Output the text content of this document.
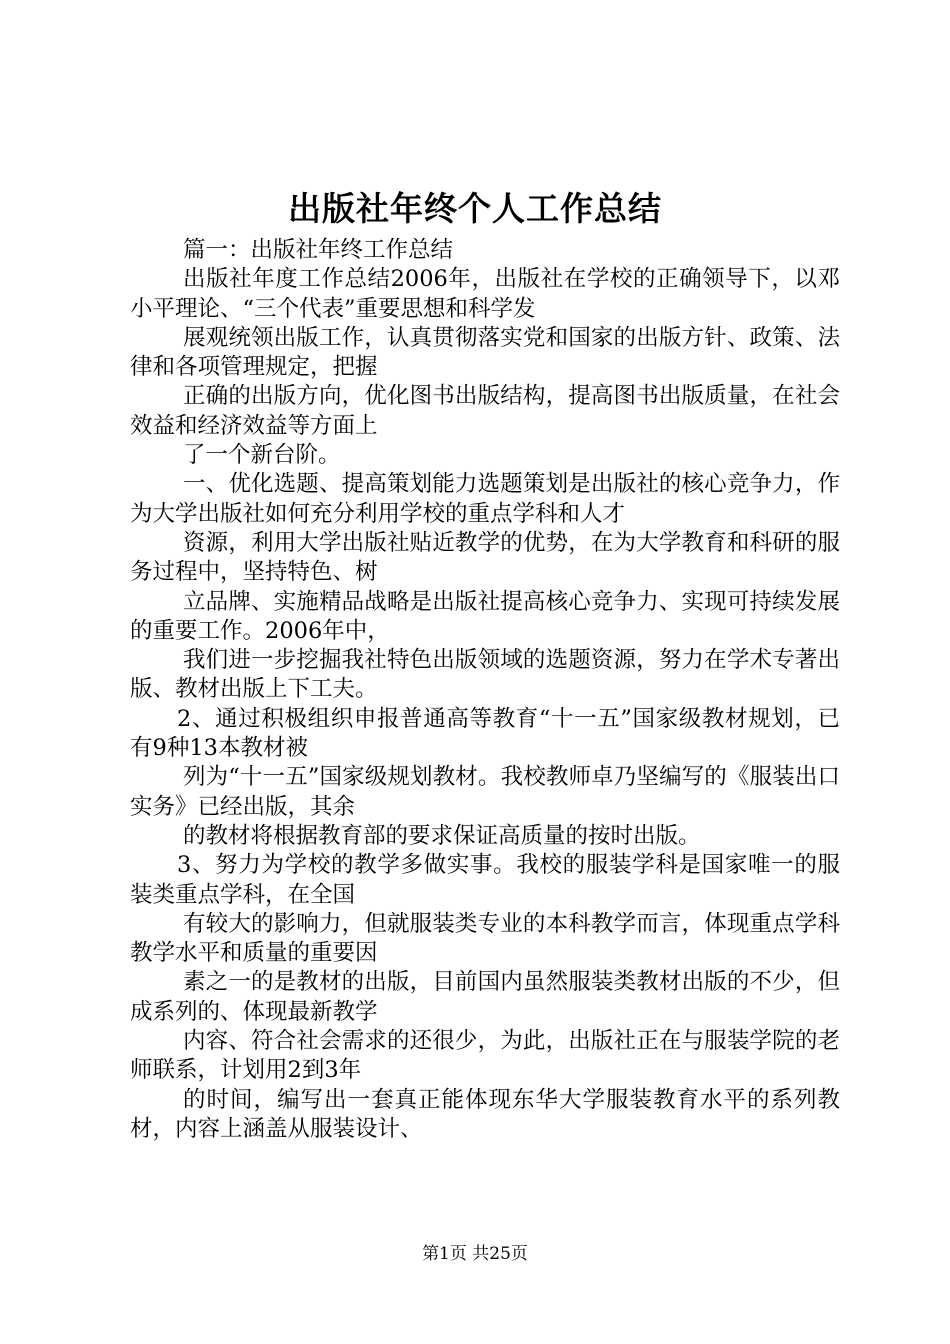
出版社年终个人工作总结

篇一：出版社年终工作总结

出版社年度工作总结2006年，出版社在学校的正确领导下，以邓小平理论、“三个代表”重要思想和科学发

展观统领出版工作，认真贯彻落实党和国家的出版方针、政策、法律和各项管理规定，把握

正确的出版方向，优化图书出版结构，提高图书出版质量，在社会效益和经济效益等方面上

了一个新台阶。

一、优化选题、提高策划能力选题策划是出版社的核心竞争力，作为大学出版社如何充分利用学校的重点学科和人才

资源，利用大学出版社贴近教学的优势，在为大学教育和科研的服务过程中，坚持特色、树

立品牌、实施精品战略是出版社提高核心竞争力、实现可持续发展的重要工作。2006年中，

我们进一步挖掘我社特色出版领域的选题资源，努力在学术专著出版、教材出版上下工夫。

2、通过积极组织申报普通高等教育“十一五”国家级教材规划，已有9种13本教材被

列为“十一五”国家级规划教材。我校教师卓乃坚编写的《服装出口实务》已经出版，其余

的教材将根据教育部的要求保证高质量的按时出版。

3、努力为学校的教学多做实事。我校的服装学科是国家唯一的服装类重点学科，在全国

有较大的影响力，但就服装类专业的本科教学而言，体现重点学科教学水平和质量的重要因

素之一的是教材的出版，目前国内虽然服装类教材出版的不少，但成系列的、体现最新教学

内容、符合社会需求的还很少，为此，出版社正在与服装学院的老师联系，计划用2到3年

的时间，编写出一套真正能体现东华大学服装教育水平的系列教材，内容上涵盖从服装设计、

第1页 共25页
